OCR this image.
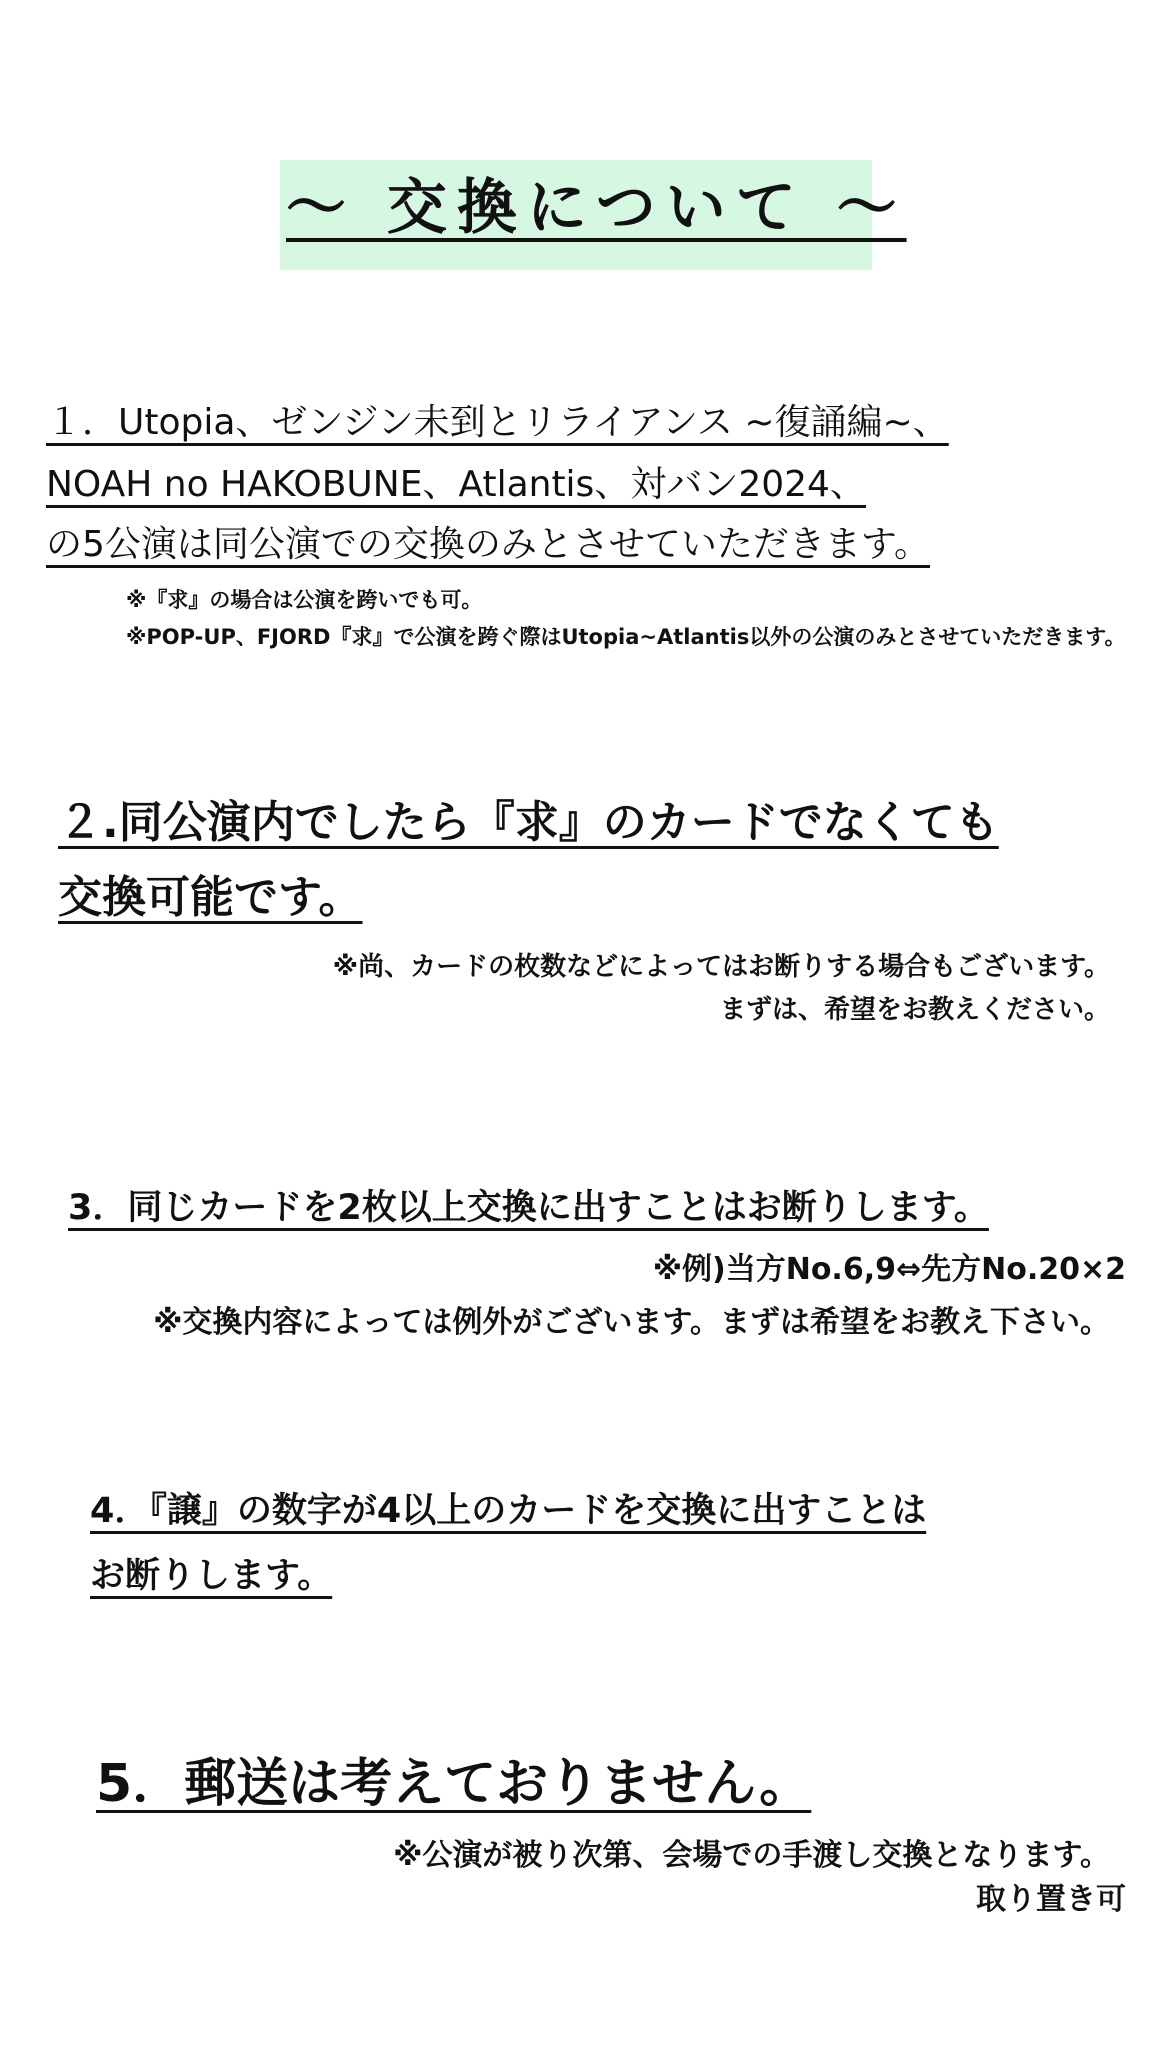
～ 交換について ～
１．Utopia、ゼンジン未到とリライアンス ~復誦編~、
NOAH no HAKOBUNE、Atlantis、対バン2024、
の5公演は同公演での交換のみとさせていただきます。
※『求』の場合は公演を跨いでも可。
※POP-UP、FJORD『求』で公演を跨ぐ際はUtopia~Atlantis以外の公演のみとさせていただきます。
２.同公演内でしたら『求』のカードでなくても
交換可能です。
※尚、カードの枚数などによってはお断りする場合もございます。
まずは、希望をお教えください。
3．同じカードを2枚以上交換に出すことはお断りします。
※例)当方No.6,9⇔先方No.20×2
※交換内容によっては例外がございます。まずは希望をお教え下さい。
4．『譲』の数字が4以上のカードを交換に出すことは
お断りします。
5．郵送は考えておりません。
※公演が被り次第、会場での手渡し交換となります。
取り置き可
